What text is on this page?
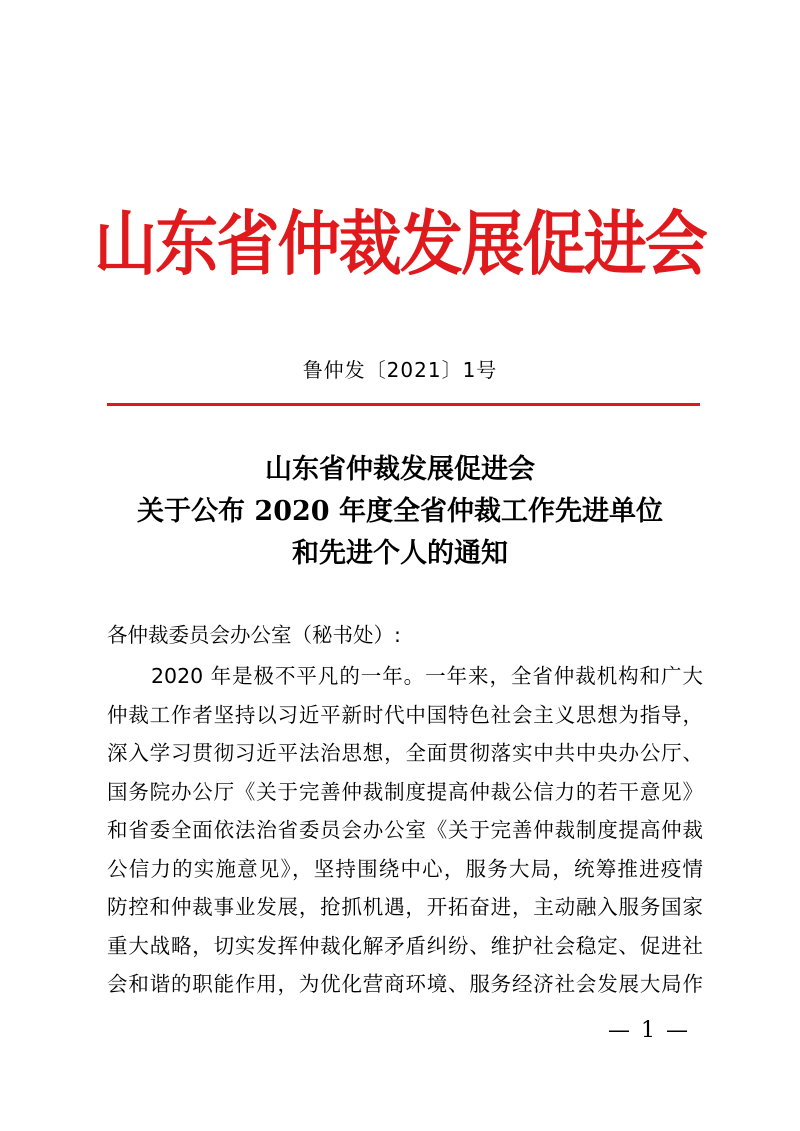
山东省仲裁发展促进会
鲁仲发〔2021〕1号
山东省仲裁发展促进会
关于公布 2020 年度全省仲裁工作先进单位
和先进个人的通知
各仲裁委员会办公室（秘书处）:
2020 年是极不平凡的一年。一年来，全省仲裁机构和广大
仲裁工作者坚持以习近平新时代中国特色社会主义思想为指导，
深入学习贯彻习近平法治思想，全面贯彻落实中共中央办公厅、
国务院办公厅《关于完善仲裁制度提高仲裁公信力的若干意见》
和省委全面依法治省委员会办公室《关于完善仲裁制度提高仲裁
公信力的实施意见》，坚持围绕中心，服务大局，统筹推进疫情
防控和仲裁事业发展，抢抓机遇，开拓奋进，主动融入服务国家
重大战略，切实发挥仲裁化解矛盾纠纷、维护社会稳定、促进社
会和谐的职能作用，为优化营商环境、服务经济社会发展大局作
— 1 —
